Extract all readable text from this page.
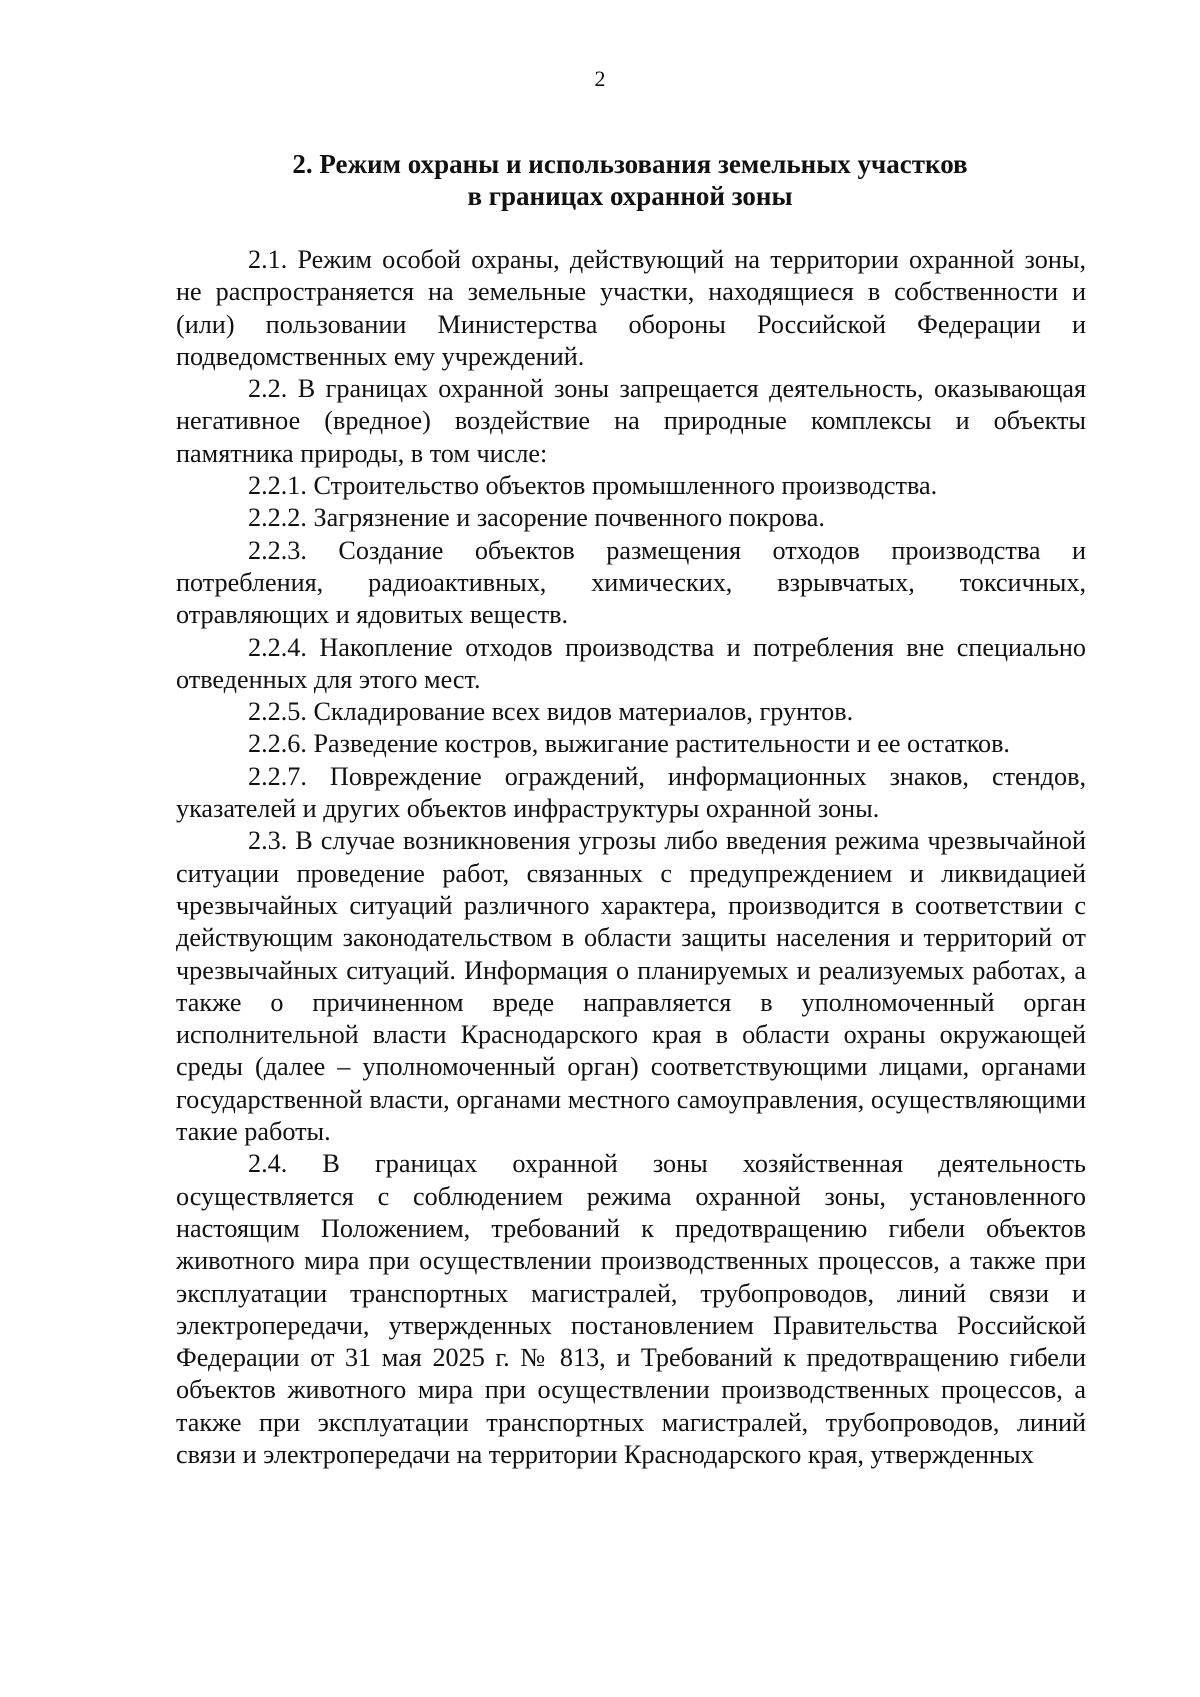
2
2. Режим охраны и использования земельных участков
в границах охранной зоны

2.1. Режим особой охраны, действующий на территории охранной зоны, не распространяется на земельные участки, находящиеся в собственности и (или) пользовании Министерства обороны Российской Федерации и подведомственных ему учреждений.

2.2. В границах охранной зоны запрещается деятельность, оказывающая негативное (вредное) воздействие на природные комплексы и объекты памятника природы, в том числе:

2.2.1. Строительство объектов промышленного производства.

2.2.2. Загрязнение и засорение почвенного покрова.

2.2.3. Создание объектов размещения отходов производства и потребления, радиоактивных, химических, взрывчатых, токсичных, отравляющих и ядовитых веществ.

2.2.4. Накопление отходов производства и потребления вне специально отведенных для этого мест.

2.2.5. Складирование всех видов материалов, грунтов.

2.2.6. Разведение костров, выжигание растительности и ее остатков.

2.2.7. Повреждение ограждений, информационных знаков, стендов, указателей и других объектов инфраструктуры охранной зоны.

2.3. В случае возникновения угрозы либо введения режима чрезвычайной ситуации проведение работ, связанных с предупреждением и ликвидацией чрезвычайных ситуаций различного характера, производится в соответствии с действующим законодательством в области защиты населения и территорий от чрезвычайных ситуаций. Информация о планируемых и реализуемых работах, а также о причиненном вреде направляется в уполномоченный орган исполнительной власти Краснодарского края в области охраны окружающей среды (далее – уполномоченный орган) соответствующими лицами, органами государственной власти, органами местного самоуправления, осуществляющими такие работы.

2.4. В границах охранной зоны хозяйственная деятельность осуществляется с соблюдением режима охранной зоны, установленного настоящим Положением, требований к предотвращению гибели объектов животного мира при осуществлении производственных процессов, а также при эксплуатации транспортных магистралей, трубопроводов, линий связи и электропередачи, утвержденных постановлением Правительства Российской Федерации от 31 мая 2025 г. № 813, и Требований к предотвращению гибели объектов животного мира при осуществлении производственных процессов, а также при эксплуатации транспортных магистралей, трубопроводов, линий связи и электропередачи на территории Краснодарского края, утвержденных
